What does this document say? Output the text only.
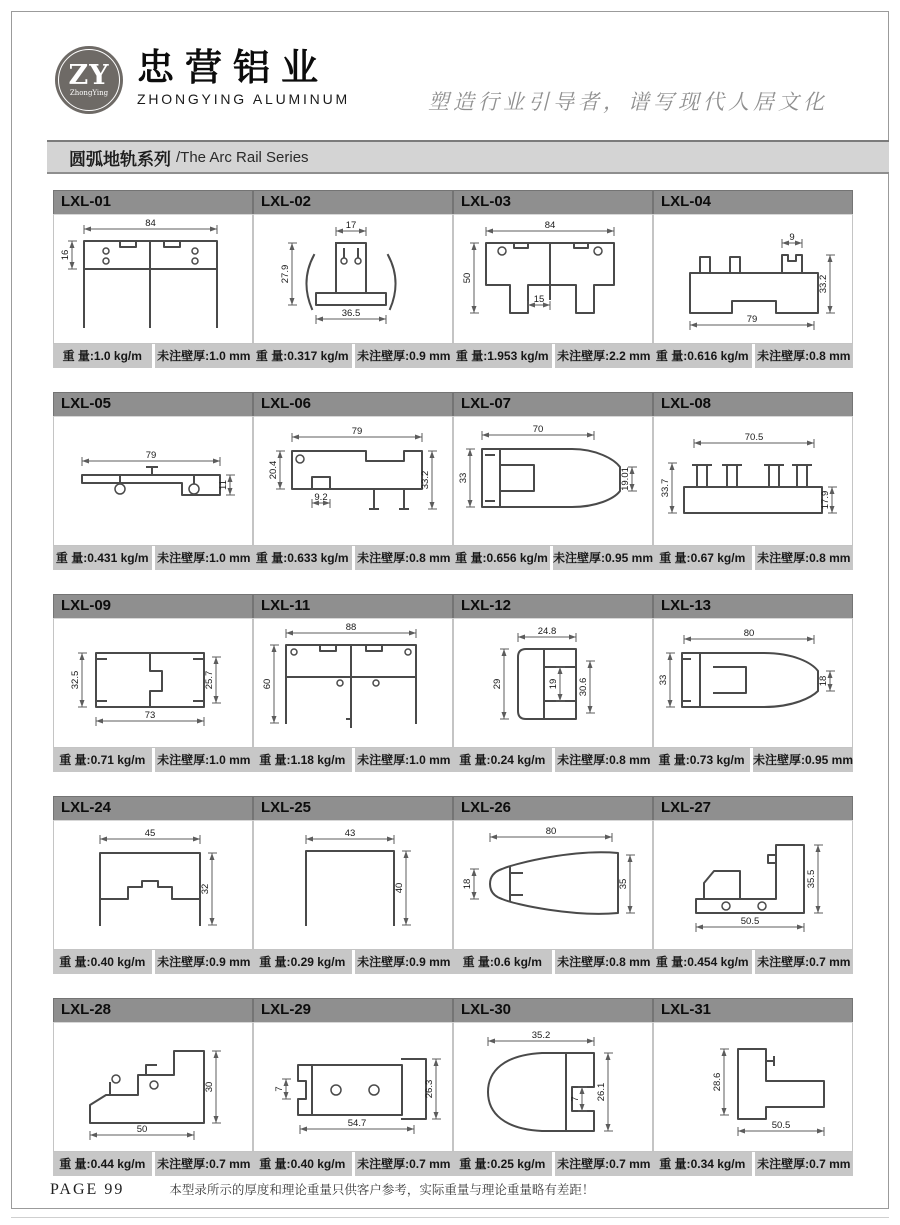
ZY
ZhongYing
忠营铝业
ZHONGYING ALUMINUM	塑造行业引导者，谱写现代人居文化
圆弧地轨系列 /The Arc Rail Series
LXL-01
84
16
重 量:1.0 kg/m	未注壁厚:1.0 mm
LXL-02
17
27.9
36.5
重 量:0.317 kg/m 未注壁厚:0.9 mm
LXL-03
84
50
15
重 量:1.953 kg/m 未注壁厚:2.2 mm
LXL-04
9
33.2
79
重 量:0.616 kg/m 未注壁厚:0.8 mm
LXL-05
79
11
重 量:0.431 kg/m 未注壁厚:1.0 mm
LXL-06
79
20.4
9.2
33.2
重 量:0.633 kg/m 未注壁厚:0.8 mm
LXL-07
70
33	19.01
重 量:0.656 kg/m 未注壁厚:0.95 mm
LXL-08
70.5
33.7
17.9
重 量:0.67 kg/m 未注壁厚:0.8 mm
LXL-09
32.5	25.7
73
重 量:0.71 kg/m 未注壁厚:1.0 mm
LXL-11
88
60
重 量:1.18 kg/m 未注壁厚:1.0 mm
LXL-12
24.8
29	19 30.6
重 量:0.24 kg/m 未注壁厚:0.8 mm
LXL-13
80
33	18
重 量:0.73 kg/m 未注壁厚:0.95 mm
LXL-24
45
32
重 量:0.40 kg/m 未注壁厚:0.9 mm
LXL-25
43
40
重 量:0.29 kg/m 未注壁厚:0.9 mm
LXL-26
80
18	35
重 量:0.6 kg/m	未注壁厚:0.8 mm
LXL-27
35.5
50.5
重 量:0.454 kg/m 未注壁厚:0.7 mm
LXL-28
30
50
重 量:0.44 kg/m 未注壁厚:0.7 mm
LXL-29
7	26.3
54.7
重 量:0.40 kg/m 未注壁厚:0.7 mm
LXL-30
35.2
7 26.1
重 量:0.25 kg/m 未注壁厚:0.7 mm
LXL-31
28.6
50.5
重 量:0.34 kg/m 未注壁厚:0.7 mm
PAGE 99	本型录所示的厚度和理论重量只供客户参考，实际重量与理论重量略有差距！
